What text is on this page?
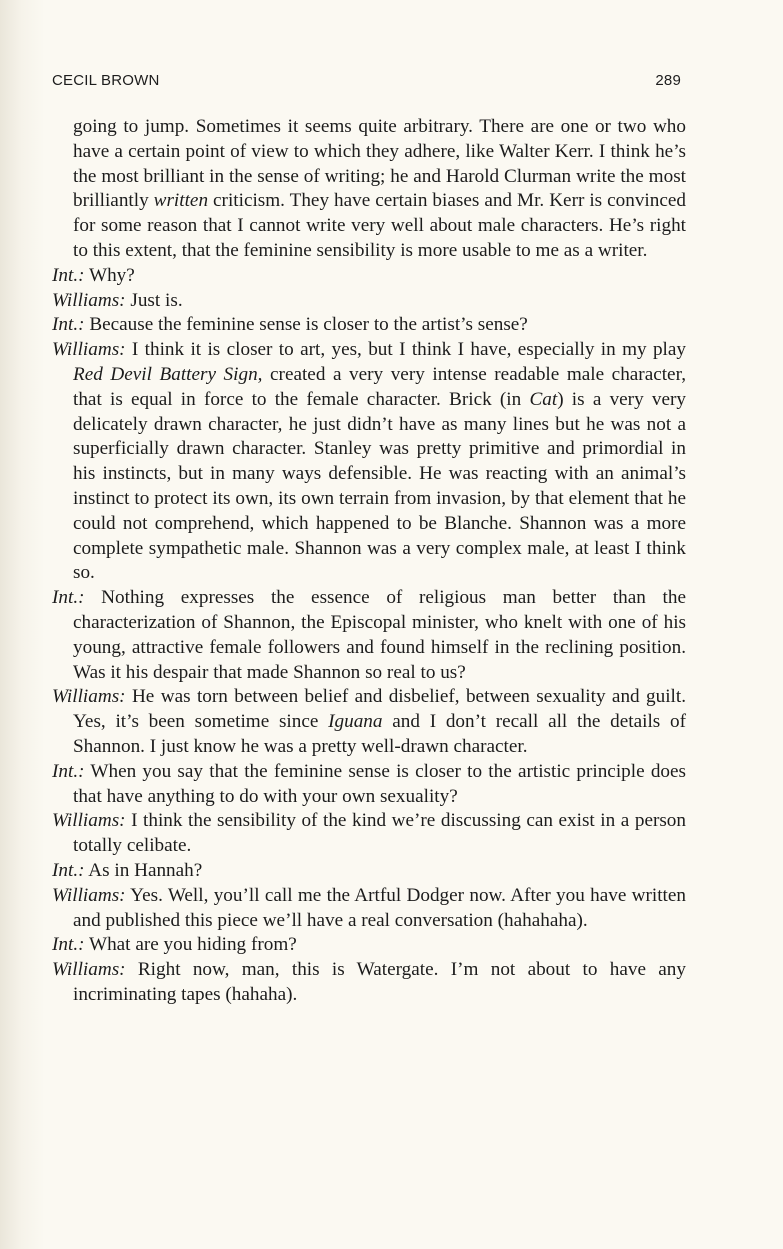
CECIL BROWN	289

going to jump. Sometimes it seems quite arbitrary. There are one or two who have a certain point of view to which they adhere, like Walter Kerr. I think he’s the most brilliant in the sense of writing; he and Harold Clurman write the most brilliantly written criticism. They have certain biases and Mr. Kerr is convinced for some reason that I cannot write very well about male characters. He’s right to this extent, that the feminine sensibility is more usable to me as a writer.

Int.: Why?

Williams: Just is.

Int.: Because the feminine sense is closer to the artist’s sense?

Williams: I think it is closer to art, yes, but I think I have, especially in my play Red Devil Battery Sign, created a very very intense readable male character, that is equal in force to the female character. Brick (in Cat) is a very very delicately drawn character, he just didn’t have as many lines but he was not a superficially drawn character. Stanley was pretty primitive and primordial in his instincts, but in many ways defensible. He was reacting with an animal’s instinct to protect its own, its own terrain from invasion, by that element that he could not comprehend, which happened to be Blanche. Shannon was a more complete sympathetic male. Shannon was a very complex male, at least I think so.

Int.: Nothing expresses the essence of religious man better than the characterization of Shannon, the Episcopal minister, who knelt with one of his young, attractive female followers and found himself in the reclining position. Was it his despair that made Shannon so real to us?

Williams: He was torn between belief and disbelief, between sexuality and guilt. Yes, it’s been sometime since Iguana and I don’t recall all the details of Shannon. I just know he was a pretty well-drawn character.

Int.: When you say that the feminine sense is closer to the artistic principle does that have anything to do with your own sexuality?

Williams: I think the sensibility of the kind we’re discussing can exist in a person totally celibate.

Int.: As in Hannah?

Williams: Yes. Well, you’ll call me the Artful Dodger now. After you have written and published this piece we’ll have a real conversation (hahahaha).

Int.: What are you hiding from?

Williams: Right now, man, this is Watergate. I’m not about to have any incriminating tapes (hahaha).
